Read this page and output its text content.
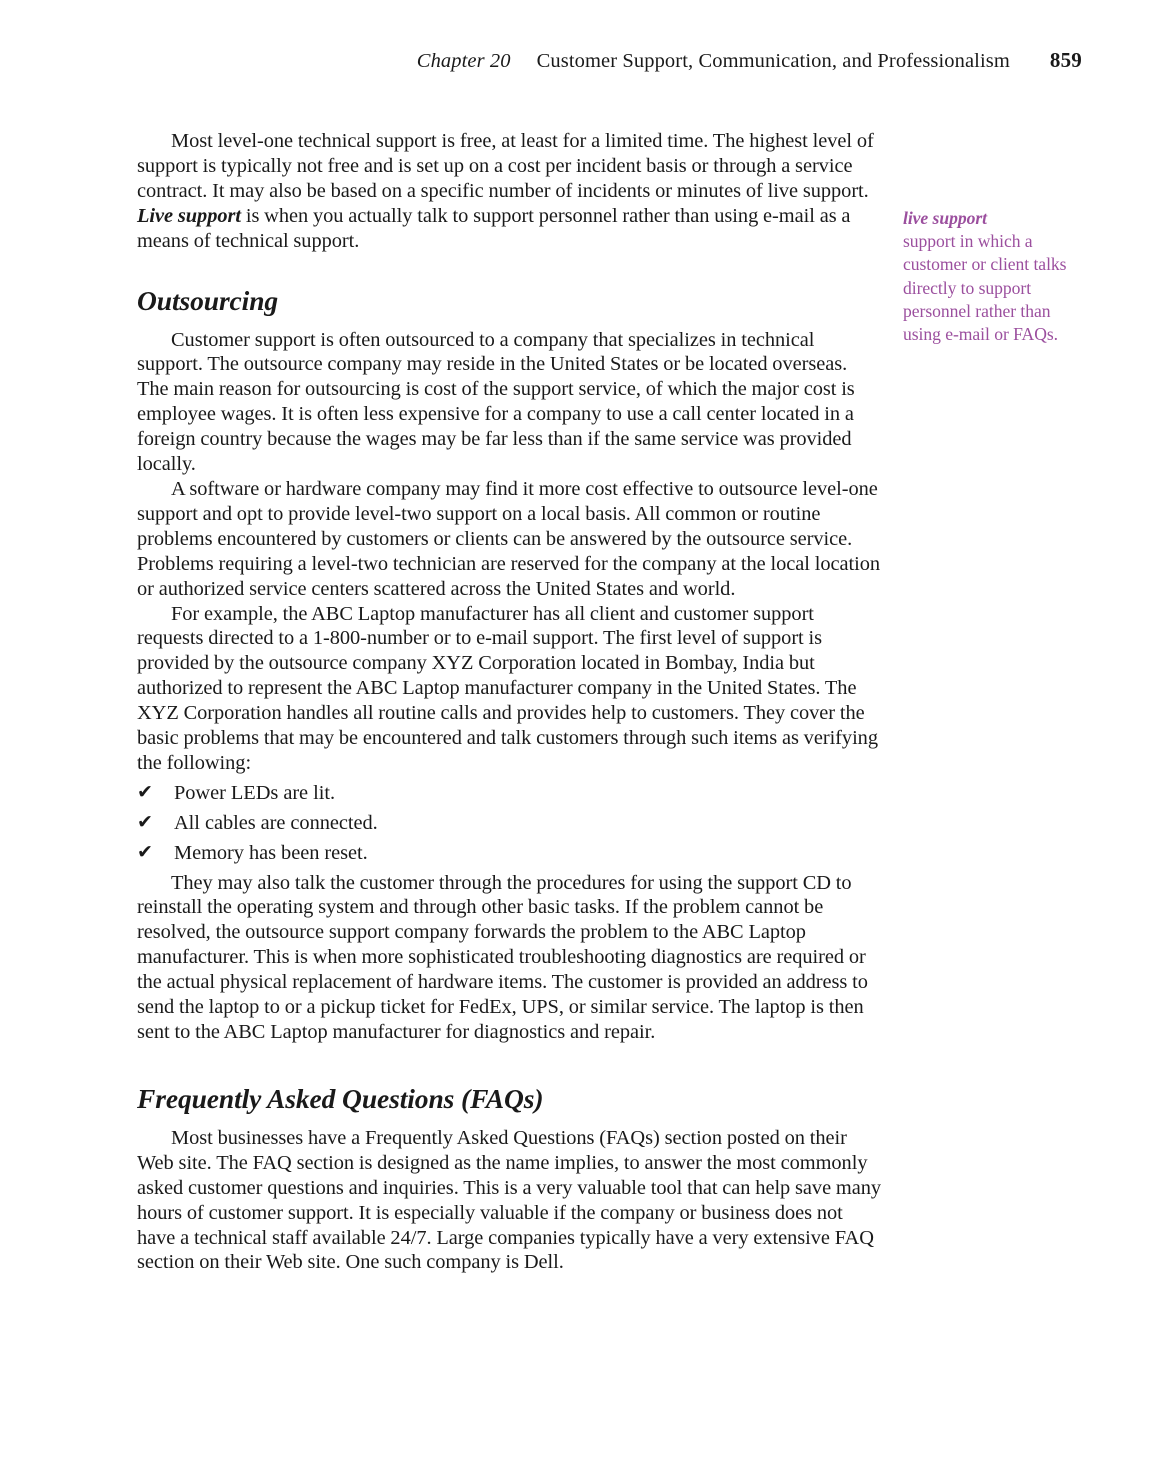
Chapter 20 Customer Support, Communication, and Professionalism 859

Most level-one technical support is free, at least for a limited time. The highest level of support is typically not free and is set up on a cost per incident basis or through a service contract. It may also be based on a specific number of incidents or minutes of live support. Live support is when you actually talk to support personnel rather than using e-mail as a means of technical support.

Outsourcing

Customer support is often outsourced to a company that specializes in technical support. The outsource company may reside in the United States or be located overseas. The main reason for outsourcing is cost of the support service, of which the major cost is employee wages. It is often less expensive for a company to use a call center located in a foreign country because the wages may be far less than if the same service was provided locally.

A software or hardware company may find it more cost effective to outsource level-one support and opt to provide level-two support on a local basis. All common or routine problems encountered by customers or clients can be answered by the outsource service. Problems requiring a level-two technician are reserved for the company at the local location or authorized service centers scattered across the United States and world.

For example, the ABC Laptop manufacturer has all client and customer support requests directed to a 1-800-number or to e-mail support. The first level of support is provided by the outsource company XYZ Corporation located in Bombay, India but authorized to represent the ABC Laptop manufacturer company in the United States. The XYZ Corporation handles all routine calls and provides help to customers. They cover the basic problems that may be encountered and talk customers through such items as verifying the following:

✔ Power LEDs are lit.
✔ All cables are connected.
✔ Memory has been reset.

They may also talk the customer through the procedures for using the support CD to reinstall the operating system and through other basic tasks. If the problem cannot be resolved, the outsource support company forwards the problem to the ABC Laptop manufacturer. This is when more sophisticated troubleshooting diagnostics are required or the actual physical replacement of hardware items. The customer is provided an address to send the laptop to or a pickup ticket for FedEx, UPS, or similar service. The laptop is then sent to the ABC Laptop manufacturer for diagnostics and repair.

Frequently Asked Questions (FAQs)

Most businesses have a Frequently Asked Questions (FAQs) section posted on their Web site. The FAQ section is designed as the name implies, to answer the most commonly asked customer questions and inquiries. This is a very valuable tool that can help save many hours of customer support. It is especially valuable if the company or business does not have a technical staff available 24/7. Large companies typically have a very extensive FAQ section on their Web site. One such company is Dell.

live support
support in which a customer or client talks directly to support personnel rather than using e-mail or FAQs.
